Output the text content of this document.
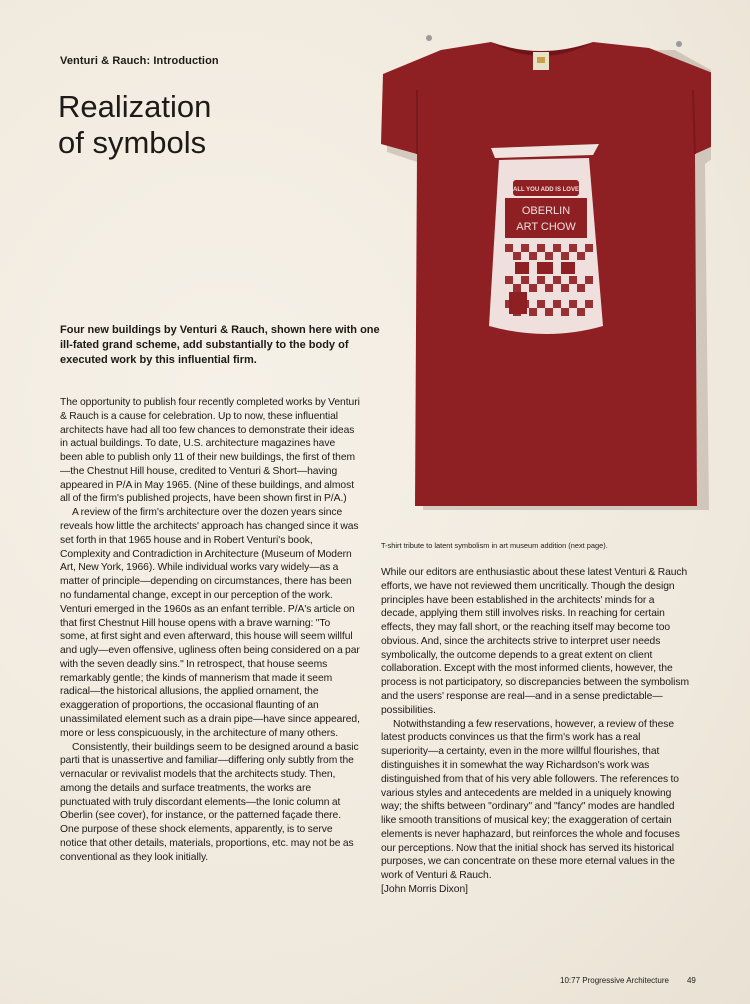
Venturi & Rauch: Introduction
Realization
of symbols
Four new buildings by Venturi & Rauch, shown here with one ill-fated grand scheme, add substantially to the body of executed work by this influential firm.
ALL YOU ADD IS LOVE
OBERLIN
ART CHOW
T-shirt tribute to latent symbolism in art museum addition (next page).

The opportunity to publish four recently completed works by Venturi & Rauch is a cause for celebration. Up to now, these influential architects have had all too few chances to demonstrate their ideas in actual buildings. To date, U.S. architecture magazines have been able to publish only 11 of their new buildings, the first of them—the Chestnut Hill house, credited to Venturi & Short—having appeared in P/A in May 1965. (Nine of these buildings, and almost all of the firm's published projects, have been shown first in P/A.)

A review of the firm's architecture over the dozen years since reveals how little the architects' approach has changed since it was set forth in that 1965 house and in Robert Venturi's book, Complexity and Contradiction in Architecture (Museum of Modern Art, New York, 1966). While individual works vary widely—as a matter of principle—depending on circumstances, there has been no fundamental change, except in our perception of the work. Venturi emerged in the 1960s as an enfant terrible. P/A's article on that first Chestnut Hill house opens with a brave warning: "To some, at first sight and even afterward, this house will seem willful and ugly—even offensive, ugliness often being considered on a par with the seven deadly sins." In retrospect, that house seems remarkably gentle; the kinds of mannerism that made it seem radical—the historical allusions, the applied ornament, the exaggeration of proportions, the occasional flaunting of an unassimilated element such as a drain pipe—have since appeared, more or less conspicuously, in the architecture of many others.

Consistently, their buildings seem to be designed around a basic parti that is unassertive and familiar—differing only subtly from the vernacular or revivalist models that the architects study. Then, among the details and surface treatments, the works are punctuated with truly discordant elements—the Ionic column at Oberlin (see cover), for instance, or the patterned façade there. One purpose of these shock elements, apparently, is to serve notice that other details, materials, proportions, etc. may not be as conventional as they look initially.

While our editors are enthusiastic about these latest Venturi & Rauch efforts, we have not reviewed them uncritically. Though the design principles have been established in the architects' minds for a decade, applying them still involves risks. In reaching for certain effects, they may fall short, or the reaching itself may become too obvious. And, since the architects strive to interpret user needs symbolically, the outcome depends to a great extent on client collaboration. Except with the most informed clients, however, the process is not participatory, so discrepancies between the symbolism and the users' response are real—and in a sense predictable—possibilities.

Notwithstanding a few reservations, however, a review of these latest products convinces us that the firm's work has a real superiority—a certainty, even in the more willful flourishes, that distinguishes it in somewhat the way Richardson's work was distinguished from that of his very able followers. The references to various styles and antecedents are melded in a uniquely knowing way; the shifts between "ordinary" and "fancy" modes are handled like smooth transitions of musical key; the exaggeration of certain elements is never haphazard, but reinforces the whole and focuses our perceptions. Now that the initial shock has served its historical purposes, we can concentrate on these more eternal values in the work of Venturi & Rauch.

[John Morris Dixon]

10:77 Progressive Architecture 49
